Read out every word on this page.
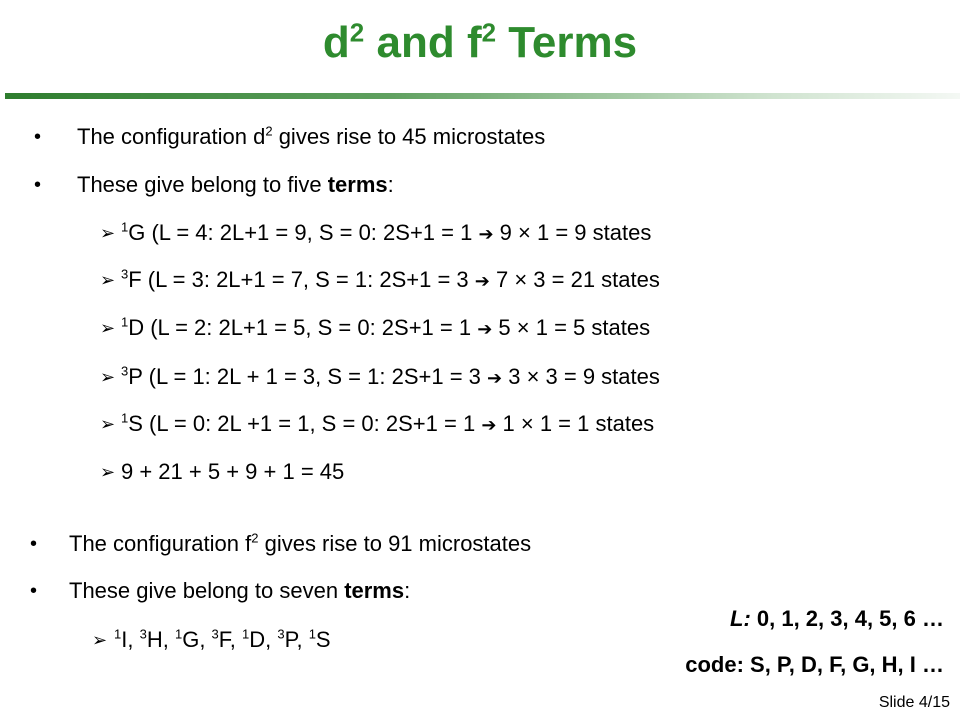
$d^2$ and $f^2$ Terms
• The configuration $d^2$ gives rise to 45 microstates
• These give belong to five terms:
➢ $^1$G (L = 4: 2L+1 = 9, S = 0: 2S+1 = 1 ➔ 9 × 1 = 9 states
➢ $^3$F (L = 3: 2L+1 = 7, S = 1: 2S+1 = 3 ➔ 7 × 3 = 21 states
➢ $^1$D (L = 2: 2L+1 = 5, S = 0: 2S+1 = 1 ➔ 5 × 1 = 5 states
➢ $^3$P (L = 1: 2L + 1 = 3, S = 1: 2S+1 = 3 ➔ 3 × 3 = 9 states
➢ $^1$S (L = 0: 2L +1 = 1, S = 0: 2S+1 = 1 ➔ 1 × 1 = 1 states
➢ 9 + 21 + 5 + 9 + 1 = 45
• The configuration $f^2$ gives rise to 91 microstates
• These give belong to seven terms:
➢ $^1$I, $^3$H, $^1$G, $^3$F, $^1$D, $^3$P, $^1$S
L: 0, 1, 2, 3, 4, 5, 6 …
code: S, P, D, F, G, H, I …
Slide 4/15
